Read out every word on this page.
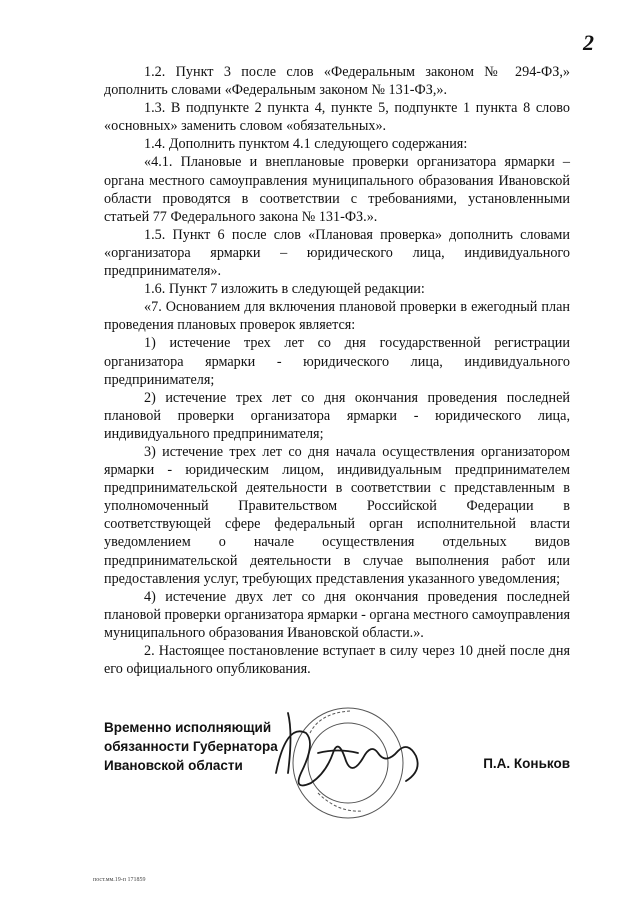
2

1.2. Пункт 3 после слов «Федеральным законом № 294-ФЗ,» дополнить словами «Федеральным законом № 131-ФЗ,».

1.3. В подпункте 2 пункта 4, пункте 5, подпункте 1 пункта 8 слово «основных» заменить словом «обязательных».

1.4. Дополнить пунктом 4.1 следующего содержания:

«4.1. Плановые и внеплановые проверки организатора ярмарки – органа местного самоуправления муниципального образования Ивановской области проводятся в соответствии с требованиями, установленными статьей 77 Федерального закона № 131-ФЗ.».

1.5. Пункт 6 после слов «Плановая проверка» дополнить словами «организатора ярмарки – юридического лица, индивидуального предпринимателя».

1.6. Пункт 7 изложить в следующей редакции:

«7. Основанием для включения плановой проверки в ежегодный план проведения плановых проверок является:

1) истечение трех лет со дня государственной регистрации организатора ярмарки - юридического лица, индивидуального предпринимателя;

2) истечение трех лет со дня окончания проведения последней плановой проверки организатора ярмарки - юридического лица, индивидуального предпринимателя;

3) истечение трех лет со дня начала осуществления организатором ярмарки - юридическим лицом, индивидуальным предпринимателем предпринимательской деятельности в соответствии с представленным в уполномоченный Правительством Российской Федерации в соответствующей сфере федеральный орган исполнительной власти уведомлением о начале осуществления отдельных видов предпринимательской деятельности в случае выполнения работ или предоставления услуг, требующих представления указанного уведомления;

4) истечение двух лет со дня окончания проведения последней плановой проверки организатора ярмарки - органа местного самоуправления муниципального образования Ивановской области.».

2. Настоящее постановление вступает в силу через 10 дней после дня его официального опубликования.

Временно исполняющий
обязанности Губернатора
Ивановской области	П.А. Коньков
пост.мм.19-п 171859
